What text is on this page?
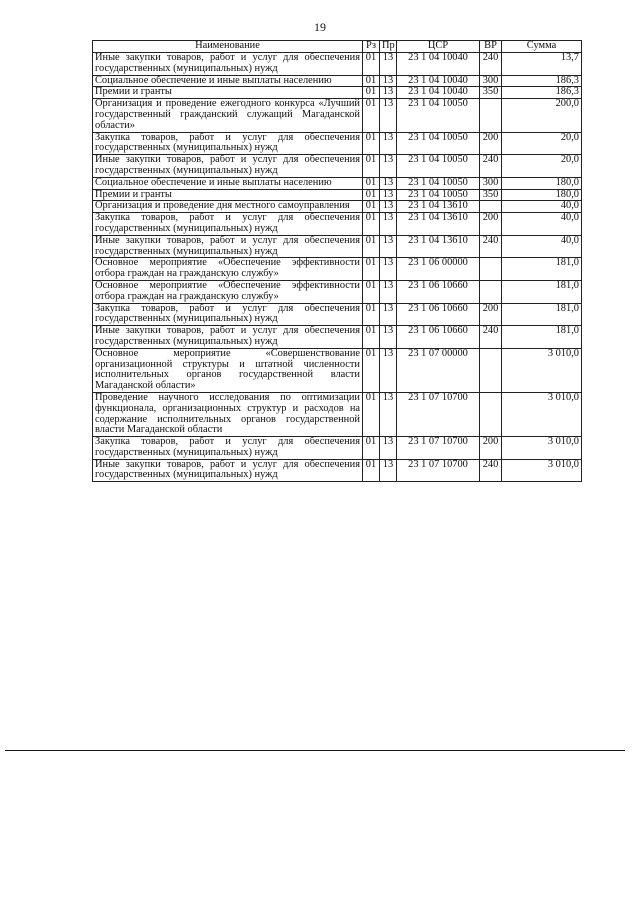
19
Наименование	Рз	Пр	ЦСР	ВР	Сумма
Иные закупки товаров, работ и услуг для обеспечения государственных (муниципальных) нужд	01	13	23 1 04 10040	240	13,7
Социальное обеспечение и иные выплаты населению	01	13	23 1 04 10040	300	186,3
Премии и гранты	01	13	23 1 04 10040	350	186,3
Организация и проведение ежегодного конкурса «Лучший государственный гражданский служащий Магаданской области»	01	13	23 1 04 10050		200,0
Закупка товаров, работ и услуг для обеспечения государственных (муниципальных) нужд	01	13	23 1 04 10050	200	20,0
Иные закупки товаров, работ и услуг для обеспечения государственных (муниципальных) нужд	01	13	23 1 04 10050	240	20,0
Социальное обеспечение и иные выплаты населению	01	13	23 1 04 10050	300	180,0
Премии и гранты	01	13	23 1 04 10050	350	180,0
Организация и проведение дня местного самоуправления	01	13	23 1 04 13610		40,0
Закупка товаров, работ и услуг для обеспечения государственных (муниципальных) нужд	01	13	23 1 04 13610	200	40,0
Иные закупки товаров, работ и услуг для обеспечения государственных (муниципальных) нужд	01	13	23 1 04 13610	240	40,0
Основное мероприятие «Обеспечение эффективности отбора граждан на гражданскую службу»	01	13	23 1 06 00000		181,0
Основное мероприятие «Обеспечение эффективности отбора граждан на гражданскую службу»	01	13	23 1 06 10660		181,0
Закупка товаров, работ и услуг для обеспечения государственных (муниципальных) нужд	01	13	23 1 06 10660	200	181,0
Иные закупки товаров, работ и услуг для обеспечения государственных (муниципальных) нужд	01	13	23 1 06 10660	240	181,0
Основное мероприятие «Совершенствование организационной структуры и штатной численности исполнительных органов государственной власти Магаданской области»	01	13	23 1 07 00000		3 010,0
Проведение научного исследования по оптимизации функционала, организационных структур и расходов на содержание исполнительных органов государственной власти Магаданской области	01	13	23 1 07 10700		3 010,0
Закупка товаров, работ и услуг для обеспечения государственных (муниципальных) нужд	01	13	23 1 07 10700	200	3 010,0
Иные закупки товаров, работ и услуг для обеспечения государственных (муниципальных) нужд	01	13	23 1 07 10700	240	3 010,0
